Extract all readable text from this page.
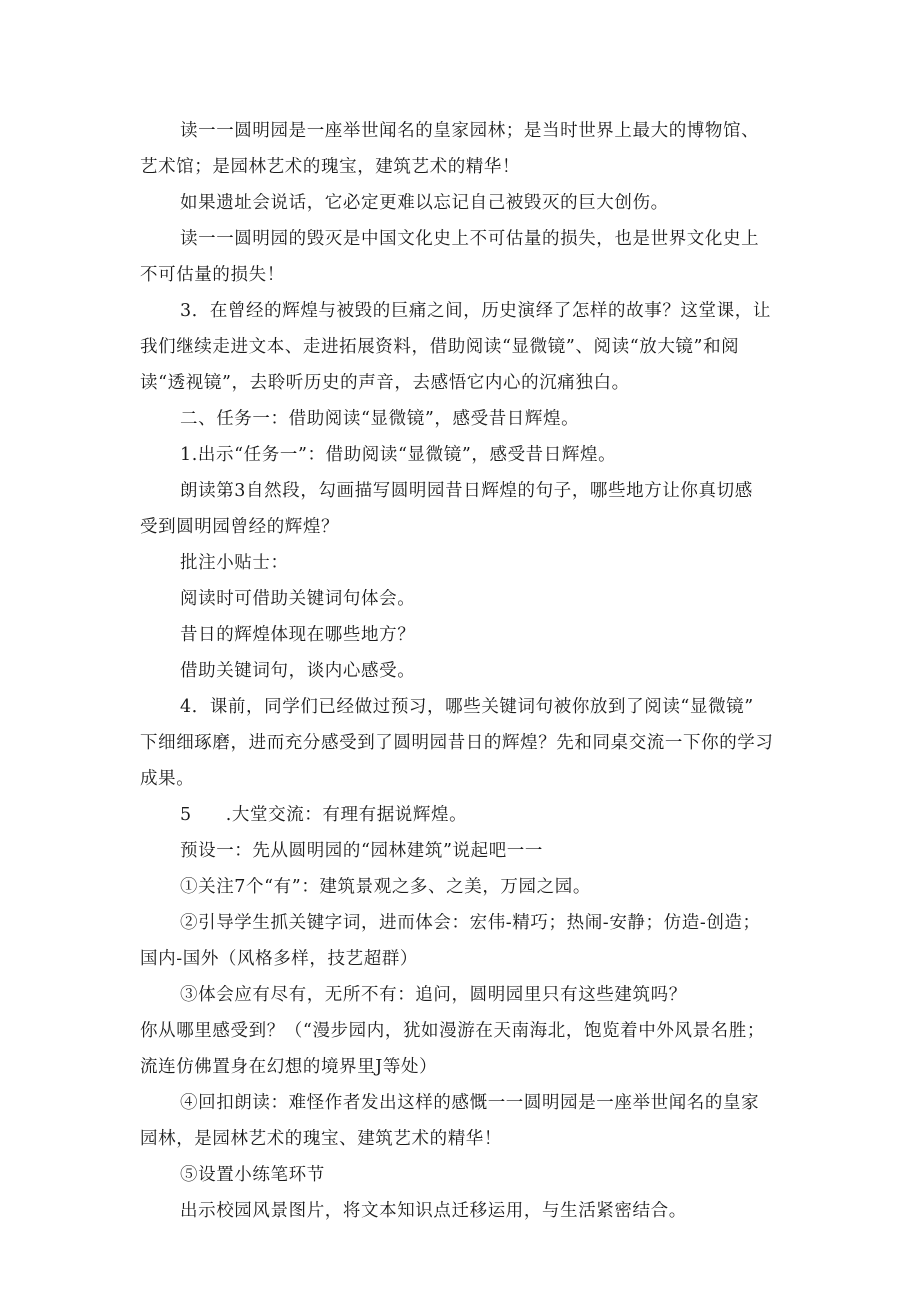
读一一圆明园是一座举世闻名的皇家园林；是当时世界上最大的博物馆、
艺术馆；是园林艺术的瑰宝，建筑艺术的精华！
如果遗址会说话，它必定更难以忘记自己被毁灭的巨大创伤。
读一一圆明园的毁灭是中国文化史上不可估量的损失，也是世界文化史上
不可估量的损失！
3．在曾经的辉煌与被毁的巨痛之间，历史演绎了怎样的故事？这堂课，让
我们继续走进文本、走进拓展资料，借助阅读“显微镜”、阅读“放大镜”和阅
读“透视镜”，去聆听历史的声音，去感悟它内心的沉痛独白。
二、任务一：借助阅读“显微镜”，感受昔日辉煌。
1.出示“任务一”：借助阅读“显微镜”，感受昔日辉煌。
朗读第3自然段，勾画描写圆明园昔日辉煌的句子，哪些地方让你真切感
受到圆明园曾经的辉煌？
批注小贴士：
阅读时可借助关键词句体会。
昔日的辉煌体现在哪些地方？
借助关键词句，谈内心感受。
4．课前，同学们已经做过预习，哪些关键词句被你放到了阅读“显微镜”
下细细琢磨，进而充分感受到了圆明园昔日的辉煌？先和同桌交流一下你的学习
成果。
5 .大堂交流：有理有据说辉煌。
预设一：先从圆明园的“园林建筑”说起吧一一
①关注7个“有”：建筑景观之多、之美，万园之园。
②引导学生抓关键字词，进而体会：宏伟-精巧；热闹-安静；仿造-创造；
国内-国外（风格多样，技艺超群）
③体会应有尽有，无所不有：追问，圆明园里只有这些建筑吗？
你从哪里感受到？（“漫步园内，犹如漫游在天南海北，饱览着中外风景名胜；
流连仿佛置身在幻想的境界里J等处）
④回扣朗读：难怪作者发出这样的感慨一一圆明园是一座举世闻名的皇家
园林，是园林艺术的瑰宝、建筑艺术的精华！
⑤设置小练笔环节
出示校园风景图片，将文本知识点迁移运用，与生活紧密结合。
